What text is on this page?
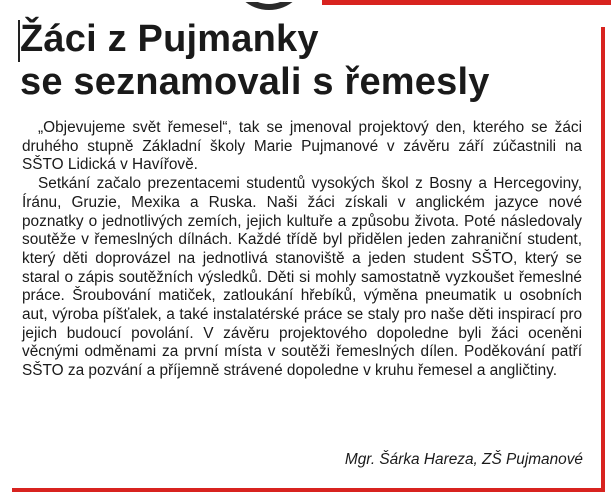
Žáci z Pujmanky
se seznamovali s řemesly

„Objevujeme svět řemesel“, tak se jmenoval projektový den, kterého se žáci druhého stupně Základní školy Marie Pujmanové v závěru září zúčastnili na SŠTO Lidická v Havířově.

Setkání začalo prezentacemi studentů vysokých škol z Bosny a Hercegoviny, Íránu, Gruzie, Mexika a Ruska. Naši žáci získali v anglickém jazyce nové poznatky o jednotlivých zemích, jejich kultuře a způsobu života. Poté následovaly soutěže v řemeslných dílnách. Každé třídě byl přidělen jeden zahraniční student, který děti doprovázel na jednotlivá stanoviště a jeden student SŠTO, který se staral o zápis soutěžních výsledků. Děti si mohly samostatně vyzkoušet řemeslné práce. Šroubování matiček, zatloukání hřebíků, výměna pneumatik u osobních aut, výroba píšťalek, a také instalatérské práce se staly pro naše děti inspirací pro jejich budoucí povolání. V závěru projektového dopoledne byli žáci oceněni věcnými odměnami za první místa v soutěži řemeslných dílen. Poděkování patří SŠTO za pozvání a příjemně strávené dopoledne v kruhu řemesel a angličtiny.

Mgr. Šárka Hareza, ZŠ Pujmanové
